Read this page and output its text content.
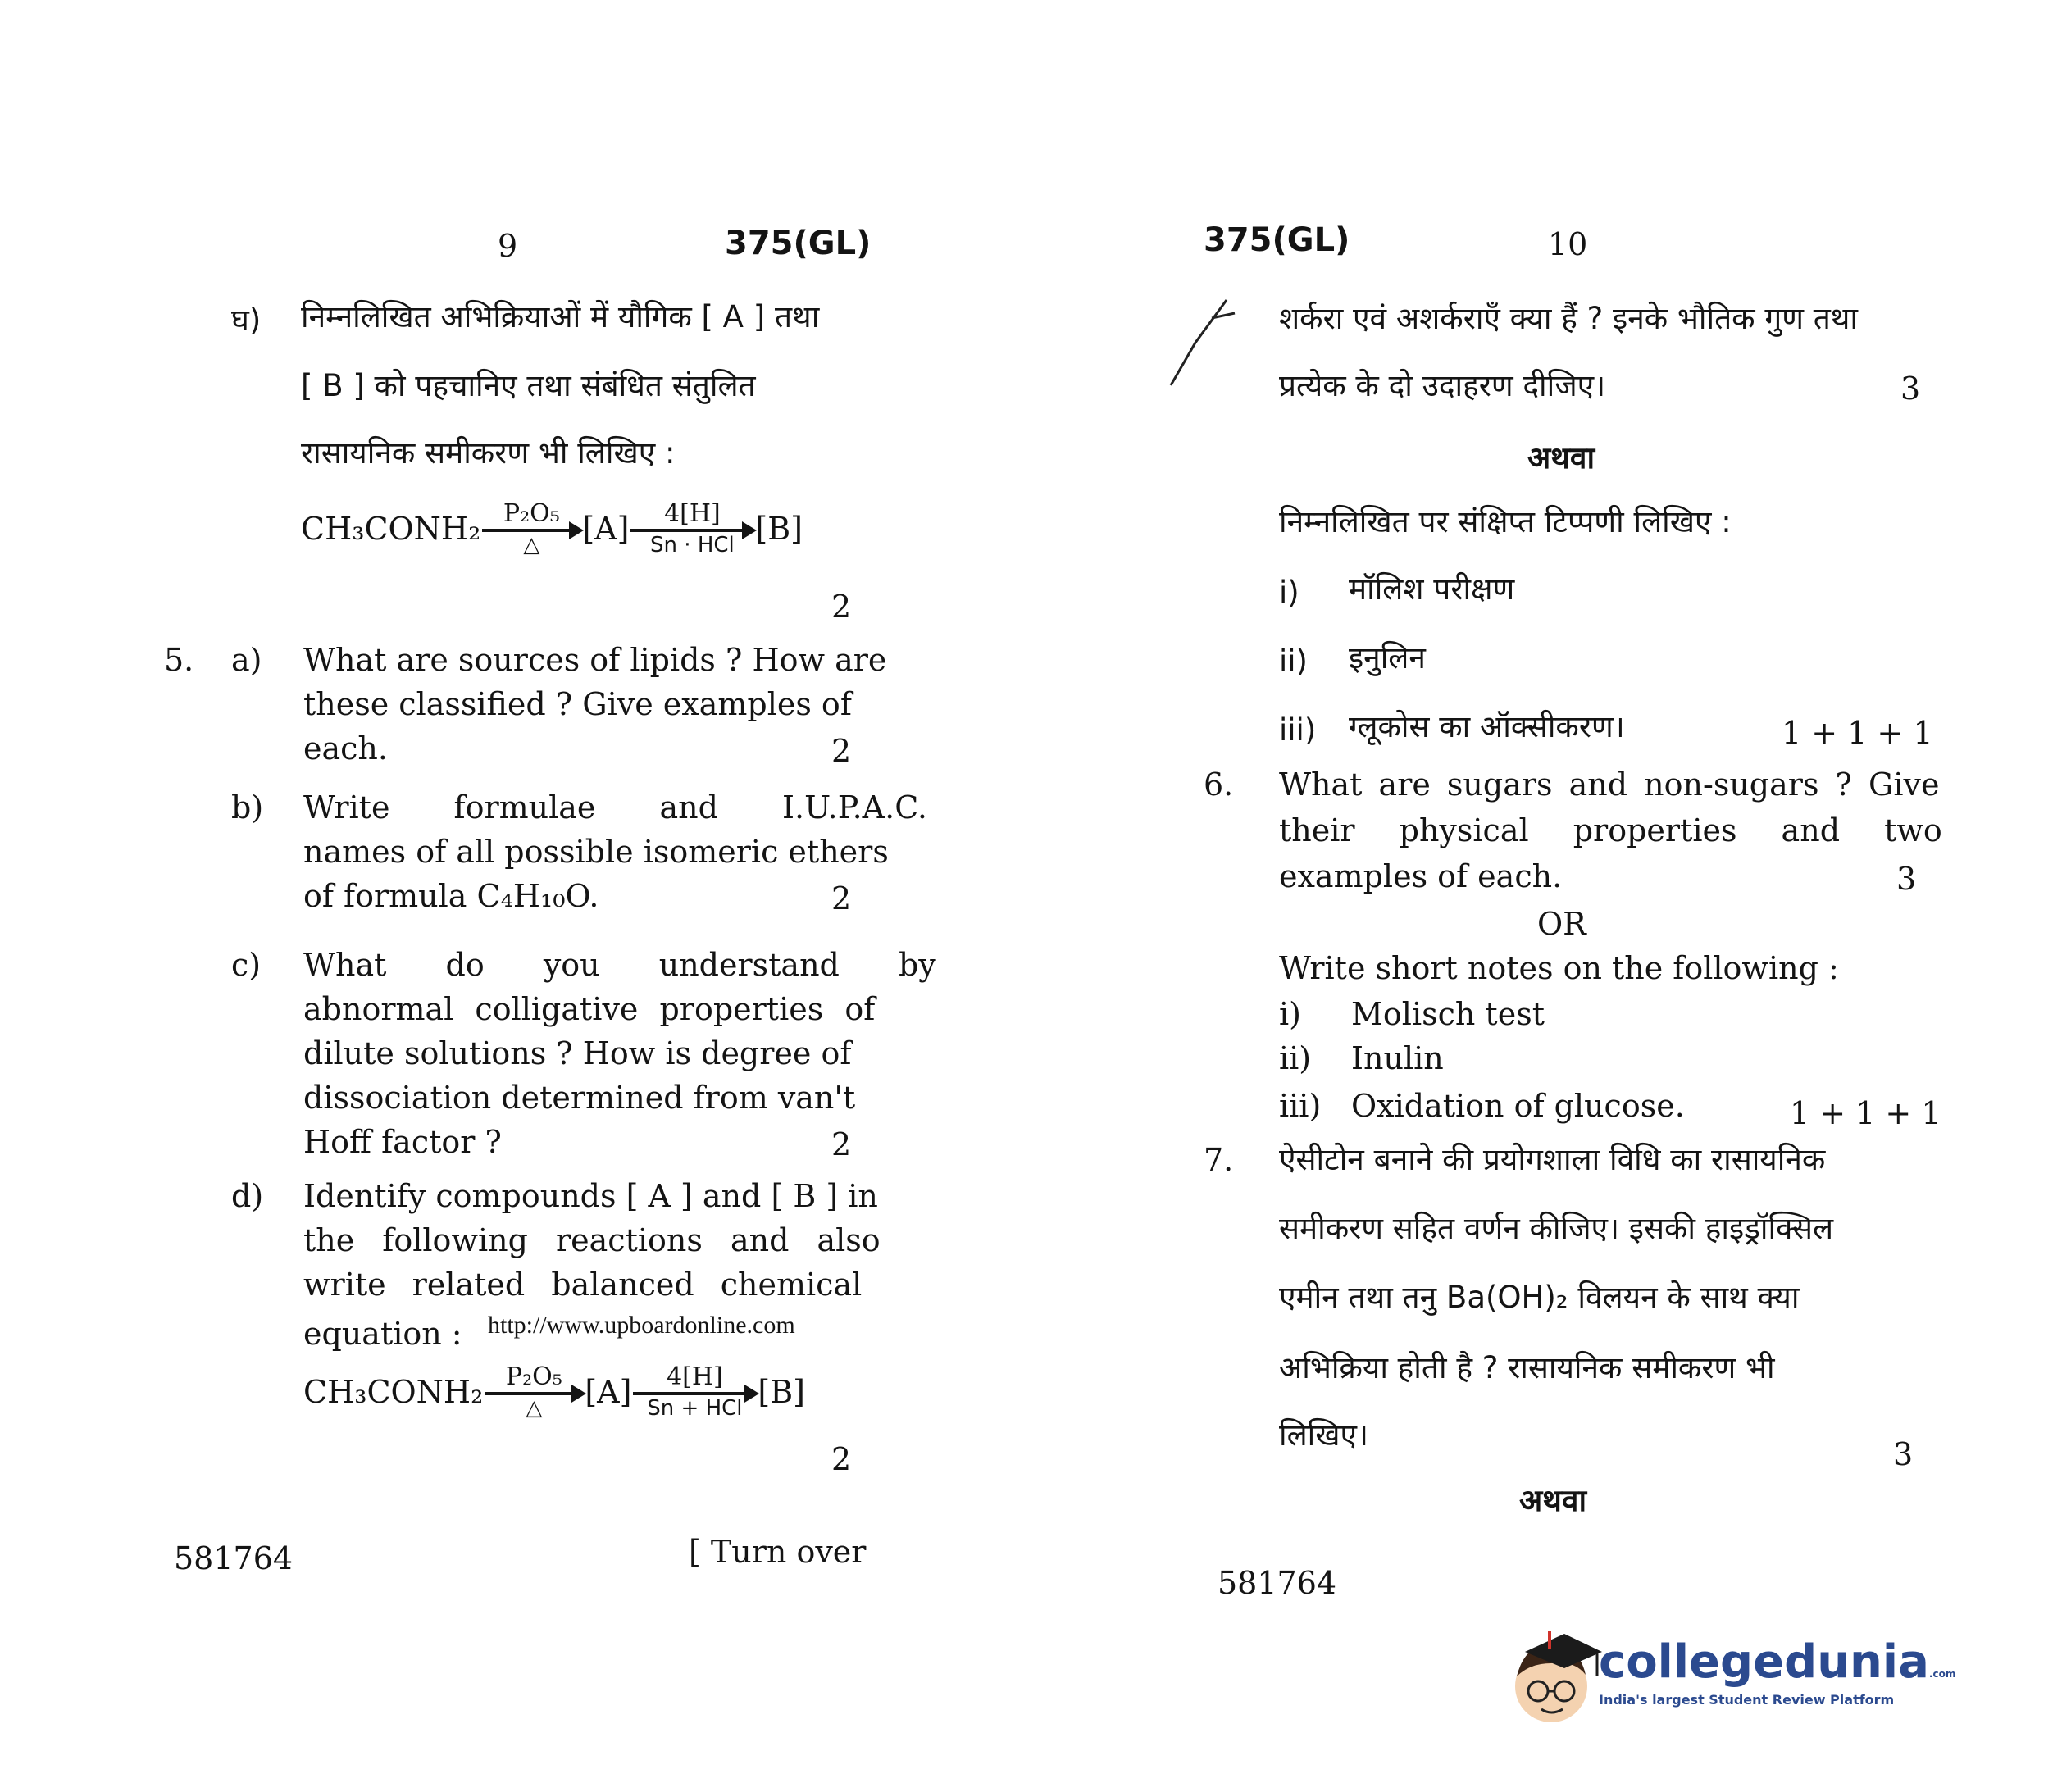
9	375(GL)
घ) निम्नलिखित अभिक्रियाओं में यौगिक [ A ] तथा
[ B ] को पहचानिए तथा संबंधित संतुलित
रासायनिक समीकरण भी लिखिए :
CH₃CONH₂ P₂O₅
△ [A] 4[H]
Sn · HCl [B]
2
5. a) What are sources of lipids ? How are
these classified ? Give examples of
each.	2
b) Write formulae and I.U.P.A.C.
names of all possible isomeric ethers
of formula C₄H₁₀O.	2
c) What do you understand by
abnormal colligative properties of
dilute solutions ? How is degree of
dissociation determined from van't
Hoff factor ?	2
d) Identify compounds [ A ] and [ B ] in
the following reactions and also
write related balanced chemical
equation : http://www.upboardonline.com
CH₃CONH₂ P₂O₅
△ [A] 4[H]
Sn + HCl [B]
2
581764	[ Turn over
375(GL)	10
शर्करा एवं अशर्कराएँ क्या हैं ? इनके भौतिक गुण तथा
प्रत्येक के दो उदाहरण दीजिए।	3
अथवा
निम्नलिखित पर संक्षिप्त टिप्पणी लिखिए :
i) मॉलिश परीक्षण
ii) इनुलिन
iii) ग्लूकोस का ऑक्सीकरण।	1 + 1 + 1
6. What are sugars and non-sugars ? Give
their physical properties and two
examples of each.	3
OR
Write short notes on the following :
i) Molisch test
ii) Inulin
iii) Oxidation of glucose.	1 + 1 + 1
7. ऐसीटोन बनाने की प्रयोगशाला विधि का रासायनिक
समीकरण सहित वर्णन कीजिए। इसकी हाइड्रॉक्सिल
एमीन तथा तनु Ba(OH)₂ विलयन के साथ क्या
अभिक्रिया होती है ? रासायनिक समीकरण भी
लिखिए।
3
अथवा
581764
collegedunia.com
India's largest Student Review Platform
